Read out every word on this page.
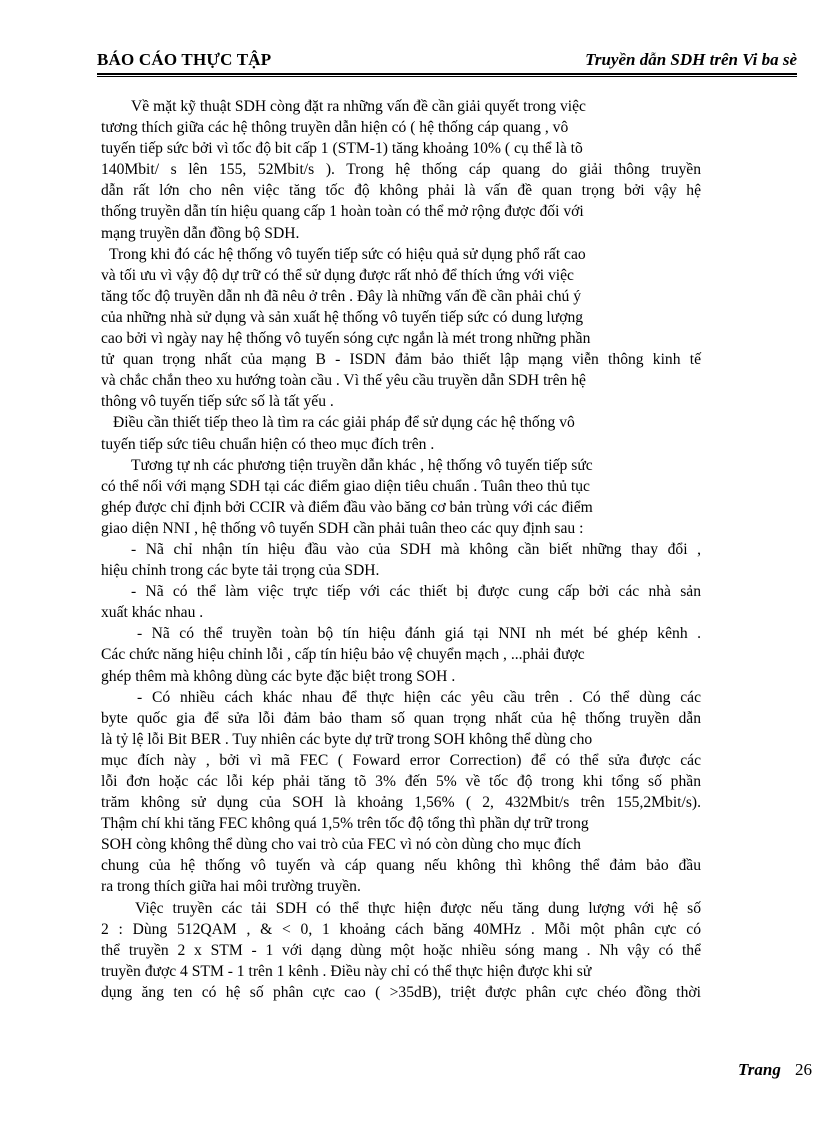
BÁO CÁO THỰC TẬP	Truyền dẫn SDH trên Vi ba sè
Về mặt kỹ thuật SDH còng đặt ra những vấn đề cần giải quyết trong việc
tương thích giữa các hệ thông truyền dẫn hiện có ( hệ thống cáp quang , vô
tuyến tiếp sức bởi vì tốc độ bit cấp 1 (STM-1) tăng khoảng 10% ( cụ thể là tõ
140Mbit/ s lên 155, 52Mbit/s ). Trong hệ thống cáp quang do giải thông truyền
dẫn rất lớn cho nên việc tăng tốc độ không phải là vấn đề quan trọng bởi vậy hệ
thống truyền dẫn tín hiệu quang cấp 1 hoàn toàn có thể mở rộng được đối với
mạng truyền dẫn đồng bộ SDH.
Trong khi đó các hệ thống vô tuyến tiếp sức có hiệu quả sử dụng phổ rất cao
và tối ưu vì vậy độ dự trữ có thể sử dụng được rất nhỏ để thích ứng với việc
tăng tốc độ truyền dẫn nh đã nêu ở trên . Đây là những vấn đề cần phải chú ý
của những nhà sử dụng và sản xuất hệ thống vô tuyến tiếp sức có dung lượng
cao bởi vì ngày nay hệ thống vô tuyến sóng cực ngắn là mét trong những phần
tử quan trọng nhất của mạng B - ISDN đảm bảo thiết lập mạng viễn thông kinh tế
và chắc chắn theo xu hướng toàn cầu . Vì thế yêu cầu truyền dẫn SDH trên hệ
thông vô tuyến tiếp sức số là tất yếu .
Điều cần thiết tiếp theo là tìm ra các giải pháp để sử dụng các hệ thống vô
tuyến tiếp sức tiêu chuẩn hiện có theo mục đích trên .
Tương tự nh các phương tiện truyền dẫn khác , hệ thống vô tuyến tiếp sức
có thể nối với mạng SDH tại các điểm giao diện tiêu chuẩn . Tuân theo thủ tục
ghép được chỉ định bởi CCIR và điểm đầu vào băng cơ bản trùng với các điểm
giao diện NNI , hệ thống vô tuyến SDH cần phải tuân theo các quy định sau :
- Nã chỉ nhận tín hiệu đầu vào của SDH mà không cần biết những thay đổi ,
hiệu chỉnh trong các byte tải trọng của SDH.
- Nã có thể làm việc trực tiếp với các thiết bị được cung cấp bởi các nhà sản
xuất khác nhau .
- Nã có thể truyền toàn bộ tín hiệu đánh giá tại NNI nh mét bé ghép kênh .
Các chức năng hiệu chỉnh lỗi , cấp tín hiệu bảo vệ chuyển mạch , ...phải được
ghép thêm mà không dùng các byte đặc biệt trong SOH .
- Có nhiều cách khác nhau để thực hiện các yêu cầu trên . Có thể dùng các
byte quốc gia để sửa lỗi đảm bảo tham số quan trọng nhất của hệ thống truyền dẫn
là tỷ lệ lỗi Bit BER . Tuy nhiên các byte dự trữ trong SOH không thể dùng cho
mục đích này , bởi vì mã FEC ( Foward error Correction) để có thể sửa được các
lỗi đơn hoặc các lỗi kép phải tăng tõ 3% đến 5% về tốc độ trong khi tổng số phần
trăm không sử dụng của SOH là khoảng 1,56% ( 2, 432Mbit/s trên 155,2Mbit/s).
Thậm chí khi tăng FEC không quá 1,5% trên tốc độ tổng thì phần dự trữ trong
SOH còng không thể dùng cho vai trò của FEC vì nó còn dùng cho mục đích
chung của hệ thống vô tuyến và cáp quang nếu không thì không thể đảm bảo đầu
ra trong thích giữa hai môi trường truyền.
Việc truyền các tải SDH có thể thực hiện được nếu tăng dung lượng với hệ số
2 : Dùng 512QAM , & < 0, 1 khoảng cách băng 40MHz . Mỗi một phân cực có
thể truyền 2 x STM - 1 với dạng dùng một hoặc nhiều sóng mang . Nh vậy có thể
truyền được 4 STM - 1 trên 1 kênh . Điều này chỉ có thể thực hiện được khi sử
dụng ăng ten có hệ số phân cực cao ( >35dB), triệt được phân cực chéo đồng thời
Trang 26
